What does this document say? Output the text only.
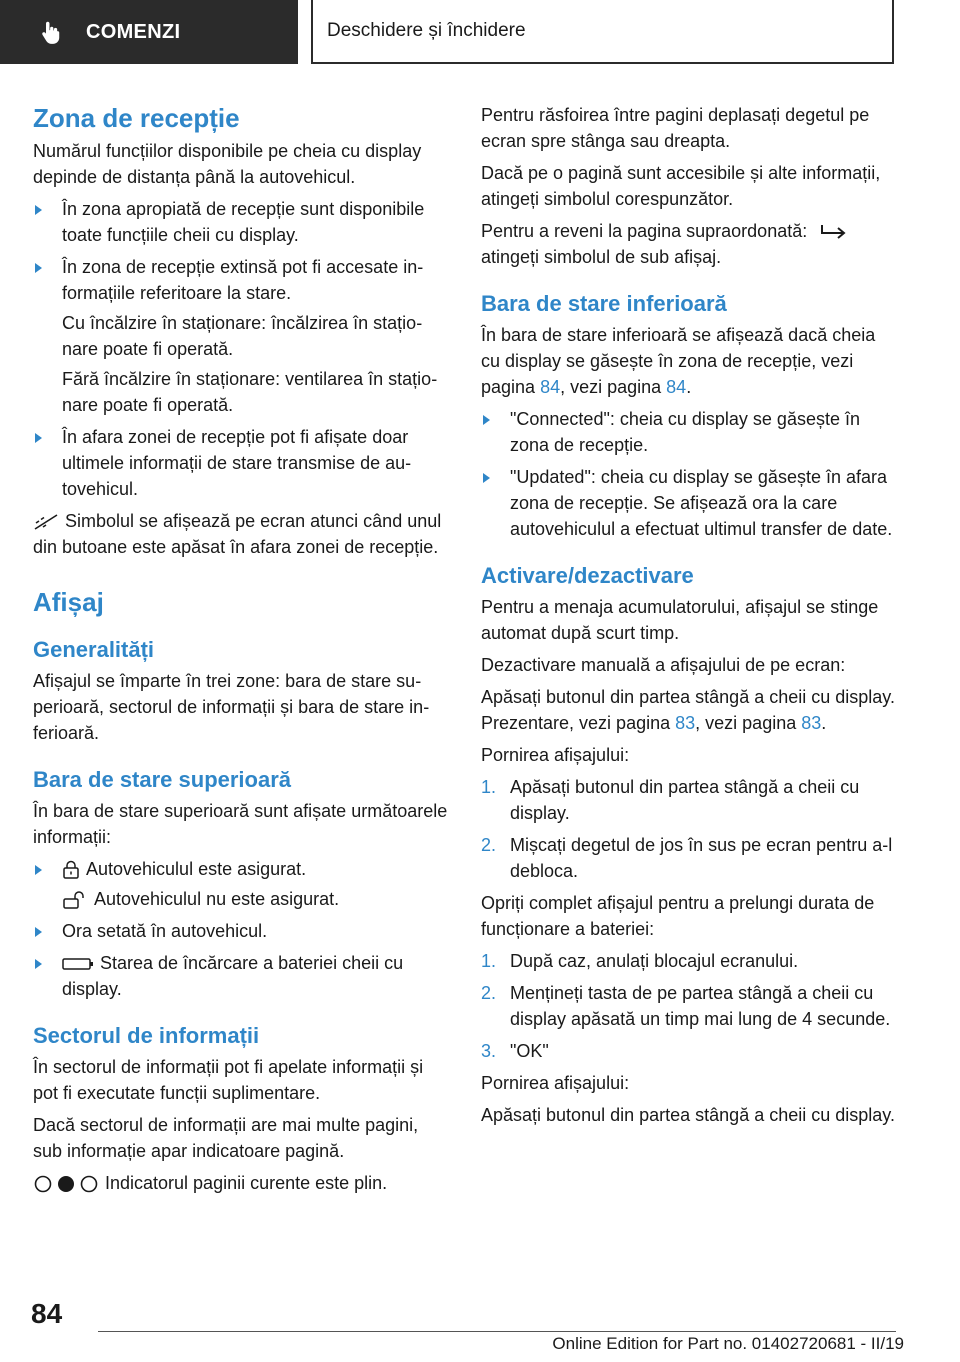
COMENZI	Deschidere și închidere
Zona de recepție

Numărul funcțiilor disponibile pe cheia cu display depinde de distanța până la autovehicul.

În zona apropiată de recepție sunt disponibile toate funcțiile cheii cu display.
În zona de recepție extinsă pot fi accesate informațiile referitoare la stare.

Cu încălzire în staționare: încălzirea în staționare poate fi operată.

Fără încălzire în staționare: ventilarea în staționare poate fi operată.

În afara zonei de recepție pot fi afișate doar ultimele informații de stare transmise de autovehicul.

Simbolul se afișează pe ecran atunci când unul din butoane este apăsat în afara zonei de recepție.

Afișaj
Generalități

Afișajul se împarte în trei zone: bara de stare superioară, sectorul de informații și bara de stare inferioară.

Bara de stare superioară

În bara de stare superioară sunt afișate următoarele informații:

Autovehiculul este asigurat.

Autovehiculul nu este asigurat.

Ora setată în autovehicul.
Starea de încărcare a bateriei cheii cu display.
Sectorul de informații

În sectorul de informații pot fi apelate informații și pot fi executate funcții suplimentare.

Dacă sectorul de informații are mai multe pagini, sub informație apar indicatoare pagină.

Indicatorul paginii curente este plin.

Pentru răsfoirea între pagini deplasați degetul pe ecran spre stânga sau dreapta.

Dacă pe o pagină sunt accesibile și alte informații, atingeți simbolul corespunzător.

Pentru a reveni la pagina supraordonată:

atingeți simbolul de sub afișaj.

Bara de stare inferioară

În bara de stare inferioară se afișează dacă cheia cu display se găsește în zona de recepție, vezi pagina 84, vezi pagina 84.

"Connected": cheia cu display se găsește în zona de recepție.
"Updated": cheia cu display se găsește în afara zona de recepție. Se afișează ora la care autovehiculul a efectuat ultimul transfer de date.
Activare/dezactivare

Pentru a menaja acumulatorului, afișajul se stinge automat după scurt timp.

Dezactivare manuală a afișajului de pe ecran:

Apăsați butonul din partea stângă a cheii cu display. Prezentare, vezi pagina 83, vezi pagina 83.

Pornirea afișajului:

1. Apăsați butonul din partea stângă a cheii cu display.
2. Mișcați degetul de jos în sus pe ecran pentru a-l debloca.

Opriți complet afișajul pentru a prelungi durata de funcționare a bateriei:

1. După caz, anulați blocajul ecranului.
2. Mențineți tasta de pe partea stângă a cheii cu display apăsată un timp mai lung de 4 secunde.
3. "OK"

Pornirea afișajului:

Apăsați butonul din partea stângă a cheii cu display.

84
Online Edition for Part no. 01402720681 - II/19
